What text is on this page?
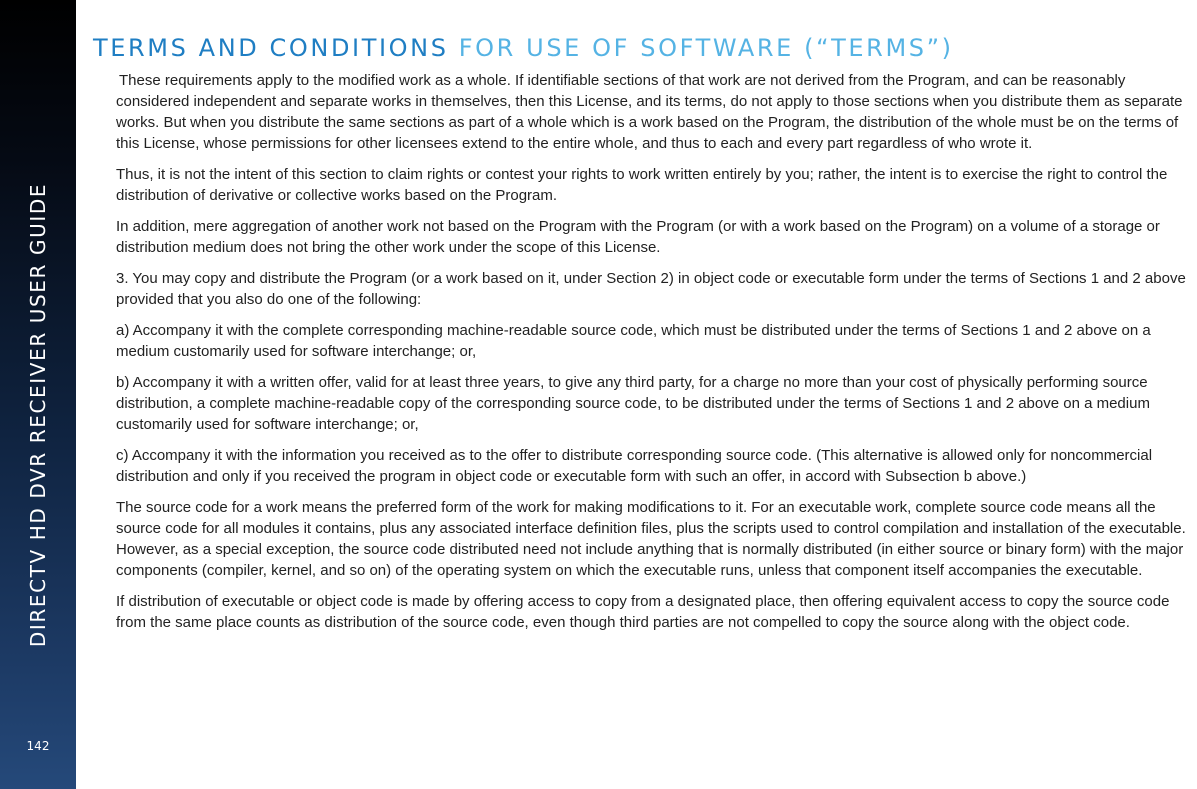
DIRECTV HD DVR RECEIVER USER GUIDE
142
TERMS AND CONDITIONS FOR USE OF SOFTWARE (“TERMS”)

These requirements apply to the modified work as a whole. If identifiable sections of that work are not derived from the Program, and can be reasonably considered independent and separate works in themselves, then this License, and its terms, do not apply to those sections when you distribute them as separate works. But when you distribute the same sections as part of a whole which is a work based on the Program, the distribution of the whole must be on the terms of this License, whose permissions for other licensees extend to the entire whole, and thus to each and every part regardless of who wrote it.

Thus, it is not the intent of this section to claim rights or contest your rights to work written entirely by you; rather, the intent is to exercise the right to control the distribution of derivative or collective works based on the Program.

In addition, mere aggregation of another work not based on the Program with the Program (or with a work based on the Program) on a volume of a storage or distribution medium does not bring the other work under the scope of this License.

3. You may copy and distribute the Program (or a work based on it, under Section 2) in object code or executable form under the terms of Sections 1 and 2 above provided that you also do one of the following:

a) Accompany it with the complete corresponding machine-readable source code, which must be distributed under the terms of Sections 1 and 2 above on a medium customarily used for software interchange; or,

b) Accompany it with a written offer, valid for at least three years, to give any third party, for a charge no more than your cost of physically performing source distribution, a complete machine-readable copy of the corresponding source code, to be distributed under the terms of Sections 1 and 2 above on a medium customarily used for software interchange; or,

c) Accompany it with the information you received as to the offer to distribute corresponding source code. (This alternative is allowed only for noncommercial distribution and only if you received the program in object code or executable form with such an offer, in accord with Subsection b above.)

The source code for a work means the preferred form of the work for making modifications to it. For an executable work, complete source code means all the source code for all modules it contains, plus any associated interface definition files, plus the scripts used to control compilation and installation of the executable. However, as a special exception, the source code distributed need not include anything that is normally distributed (in either source or binary form) with the major components (compiler, kernel, and so on) of the operating system on which the executable runs, unless that component itself accompanies the executable.

If distribution of executable or object code is made by offering access to copy from a designated place, then offering equivalent access to copy the source code from the same place counts as distribution of the source code, even though third parties are not compelled to copy the source along with the object code.
